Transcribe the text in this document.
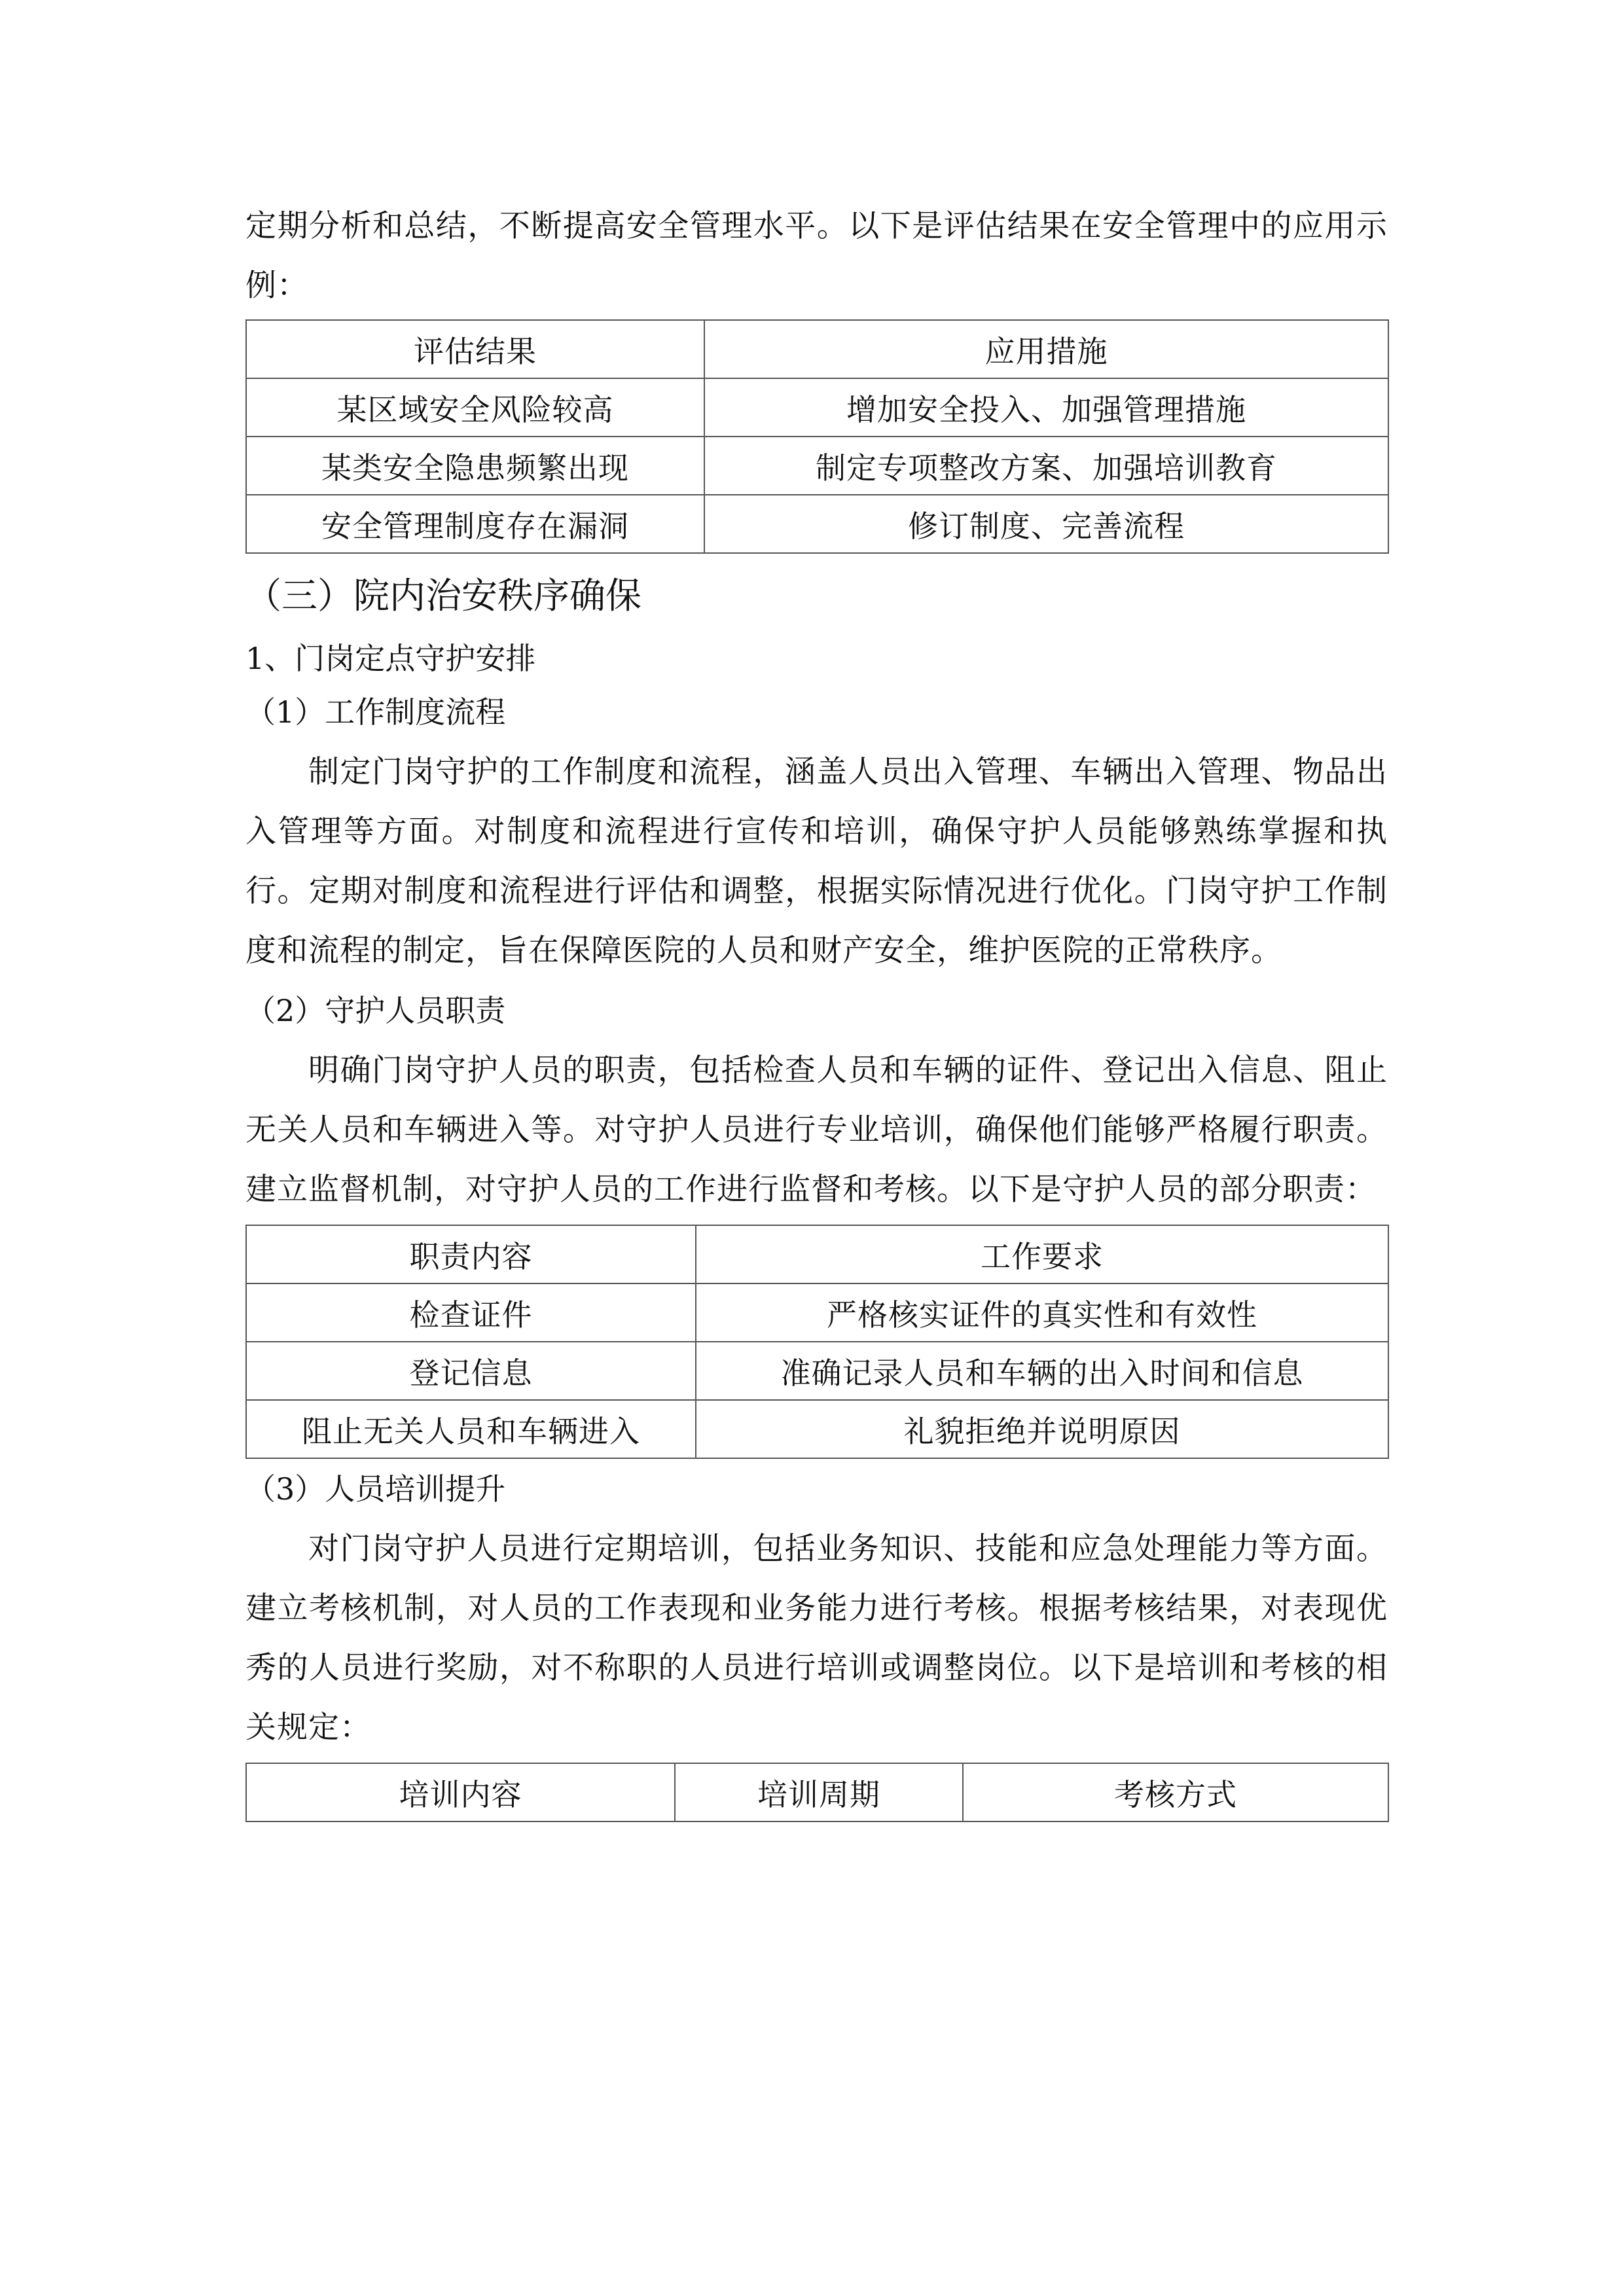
定期分析和总结，不断提高安全管理水平。以下是评估结果在安全管理中的应用示例：

评估结果	应用措施
某区域安全风险较高	增加安全投入、加强管理措施
某类安全隐患频繁出现	制定专项整改方案、加强培训教育
安全管理制度存在漏洞	修订制度、完善流程

（三）院内治安秩序确保

1、门岗定点守护安排

（1）工作制度流程

制定门岗守护的工作制度和流程，涵盖人员出入管理、车辆出入管理、物品出入管理等方面。对制度和流程进行宣传和培训，确保守护人员能够熟练掌握和执行。定期对制度和流程进行评估和调整，根据实际情况进行优化。门岗守护工作制度和流程的制定，旨在保障医院的人员和财产安全，维护医院的正常秩序。

（2）守护人员职责

明确门岗守护人员的职责，包括检查人员和车辆的证件、登记出入信息、阻止无关人员和车辆进入等。对守护人员进行专业培训，确保他们能够严格履行职责。建立监督机制，对守护人员的工作进行监督和考核。以下是守护人员的部分职责：

职责内容	工作要求
检查证件	严格核实证件的真实性和有效性
登记信息	准确记录人员和车辆的出入时间和信息
阻止无关人员和车辆进入	礼貌拒绝并说明原因

（3）人员培训提升

对门岗守护人员进行定期培训，包括业务知识、技能和应急处理能力等方面。建立考核机制，对人员的工作表现和业务能力进行考核。根据考核结果，对表现优秀的人员进行奖励，对不称职的人员进行培训或调整岗位。以下是培训和考核的相关规定：

培训内容	培训周期	考核方式
